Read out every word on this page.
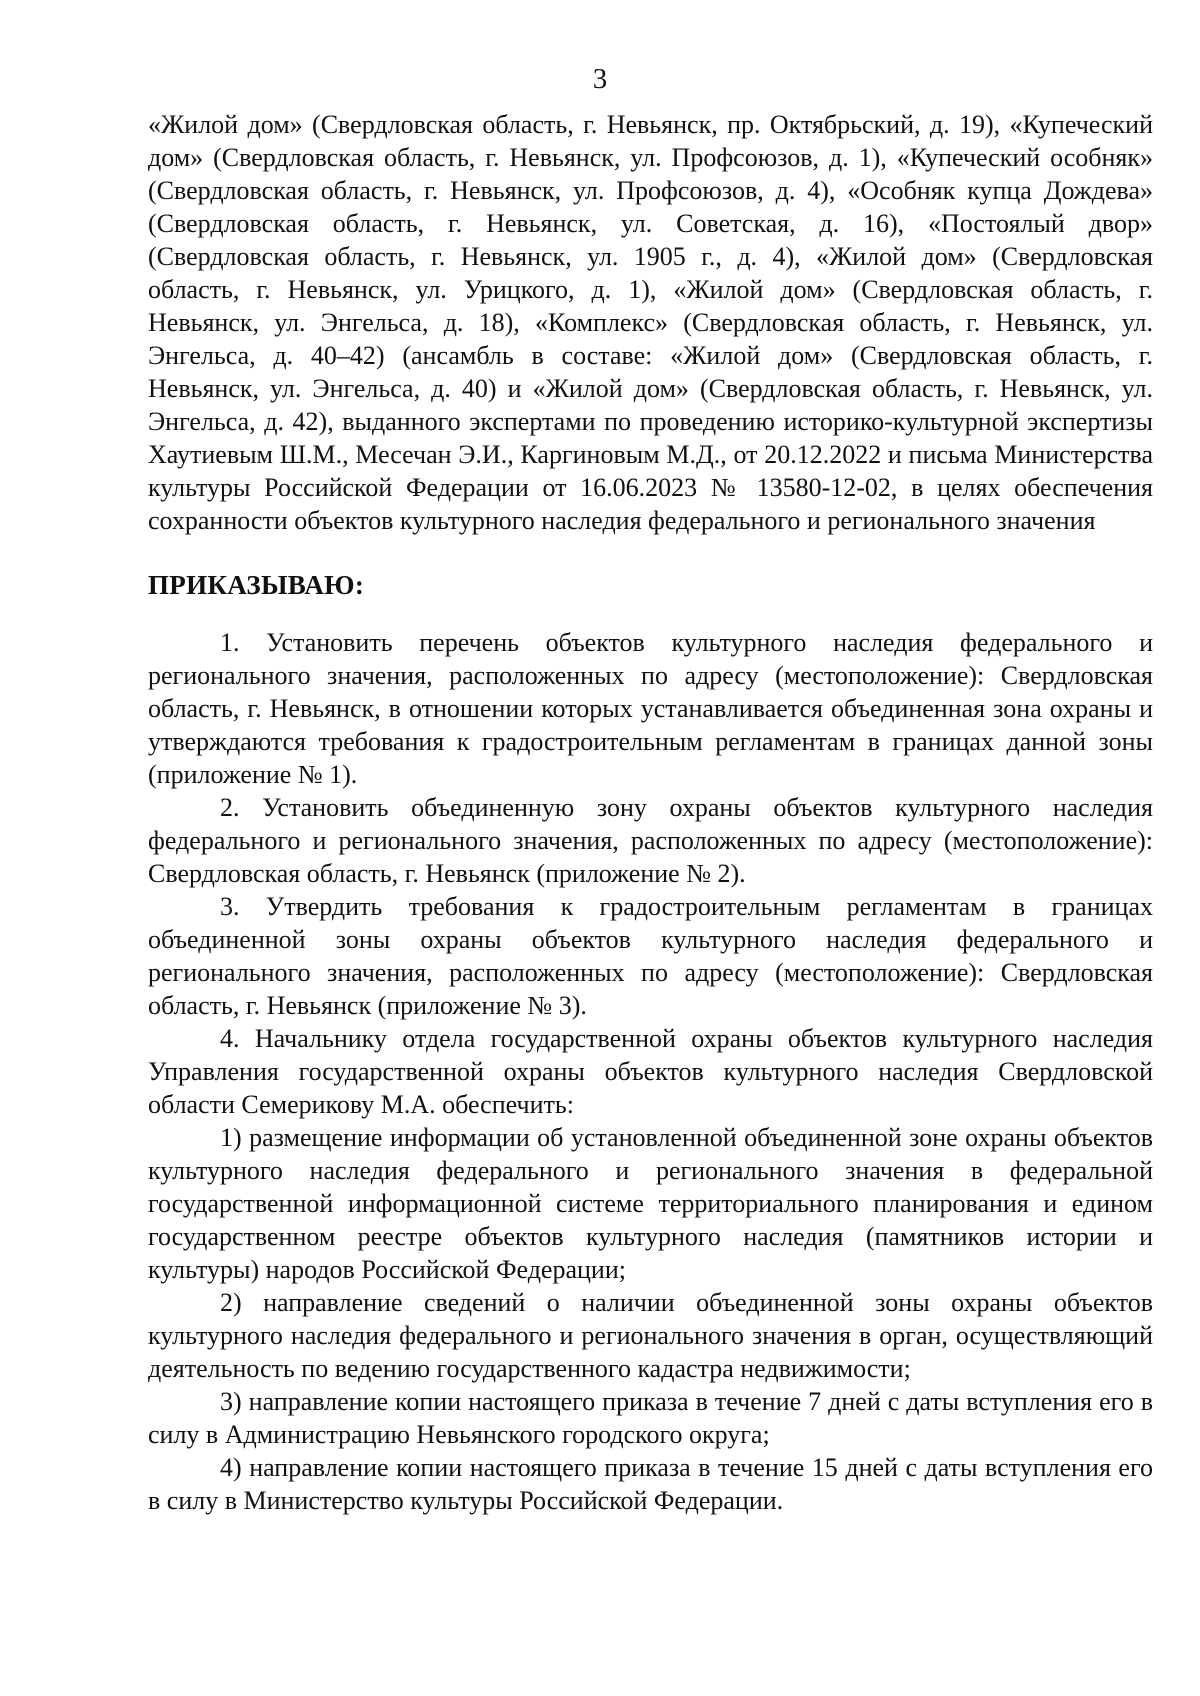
3

«Жилой дом» (Свердловская область, г. Невьянск, пр. Октябрьский, д. 19), «Купеческий дом» (Свердловская область, г. Невьянск, ул. Профсоюзов, д. 1), «Купеческий особняк» (Свердловская область, г. Невьянск, ул. Профсоюзов, д. 4), «Особняк купца Дождева» (Свердловская область, г. Невьянск, ул. Советская, д. 16), «Постоялый двор» (Свердловская область, г. Невьянск, ул. 1905 г., д. 4), «Жилой дом» (Свердловская область, г. Невьянск, ул. Урицкого, д. 1), «Жилой дом» (Свердловская область, г. Невьянск, ул. Энгельса, д. 18), «Комплекс» (Свердловская область, г. Невьянск, ул. Энгельса, д. 40–42) (ансамбль в составе: «Жилой дом» (Свердловская область, г. Невьянск, ул. Энгельса, д. 40) и «Жилой дом» (Свердловская область, г. Невьянск, ул. Энгельса, д. 42), выданного экспертами по проведению историко-культурной экспертизы Хаутиевым Ш.М., Месечан Э.И., Каргиновым М.Д., от 20.12.2022 и письма Министерства культуры Российской Федерации от 16.06.2023 № 13580-12-02, в целях обеспечения сохранности объектов культурного наследия федерального и регионального значения

ПРИКАЗЫВАЮ:

1. Установить перечень объектов культурного наследия федерального и регионального значения, расположенных по адресу (местоположение): Свердловская область, г. Невьянск, в отношении которых устанавливается объединенная зона охраны и утверждаются требования к градостроительным регламентам в границах данной зоны (приложение № 1).

2. Установить объединенную зону охраны объектов культурного наследия федерального и регионального значения, расположенных по адресу (местоположение): Свердловская область, г. Невьянск (приложение № 2).

3. Утвердить требования к градостроительным регламентам в границах объединенной зоны охраны объектов культурного наследия федерального и регионального значения, расположенных по адресу (местоположение): Свердловская область, г. Невьянск (приложение № 3).

4. Начальнику отдела государственной охраны объектов культурного наследия Управления государственной охраны объектов культурного наследия Свердловской области Семерикову М.А. обеспечить:

1) размещение информации об установленной объединенной зоне охраны объектов культурного наследия федерального и регионального значения в федеральной государственной информационной системе территориального планирования и едином государственном реестре объектов культурного наследия (памятников истории и культуры) народов Российской Федерации;

2) направление сведений о наличии объединенной зоны охраны объектов культурного наследия федерального и регионального значения в орган, осуществляющий деятельность по ведению государственного кадастра недвижимости;

3) направление копии настоящего приказа в течение 7 дней с даты вступления его в силу в Администрацию Невьянского городского округа;

4) направление копии настоящего приказа в течение 15 дней с даты вступления его в силу в Министерство культуры Российской Федерации.
